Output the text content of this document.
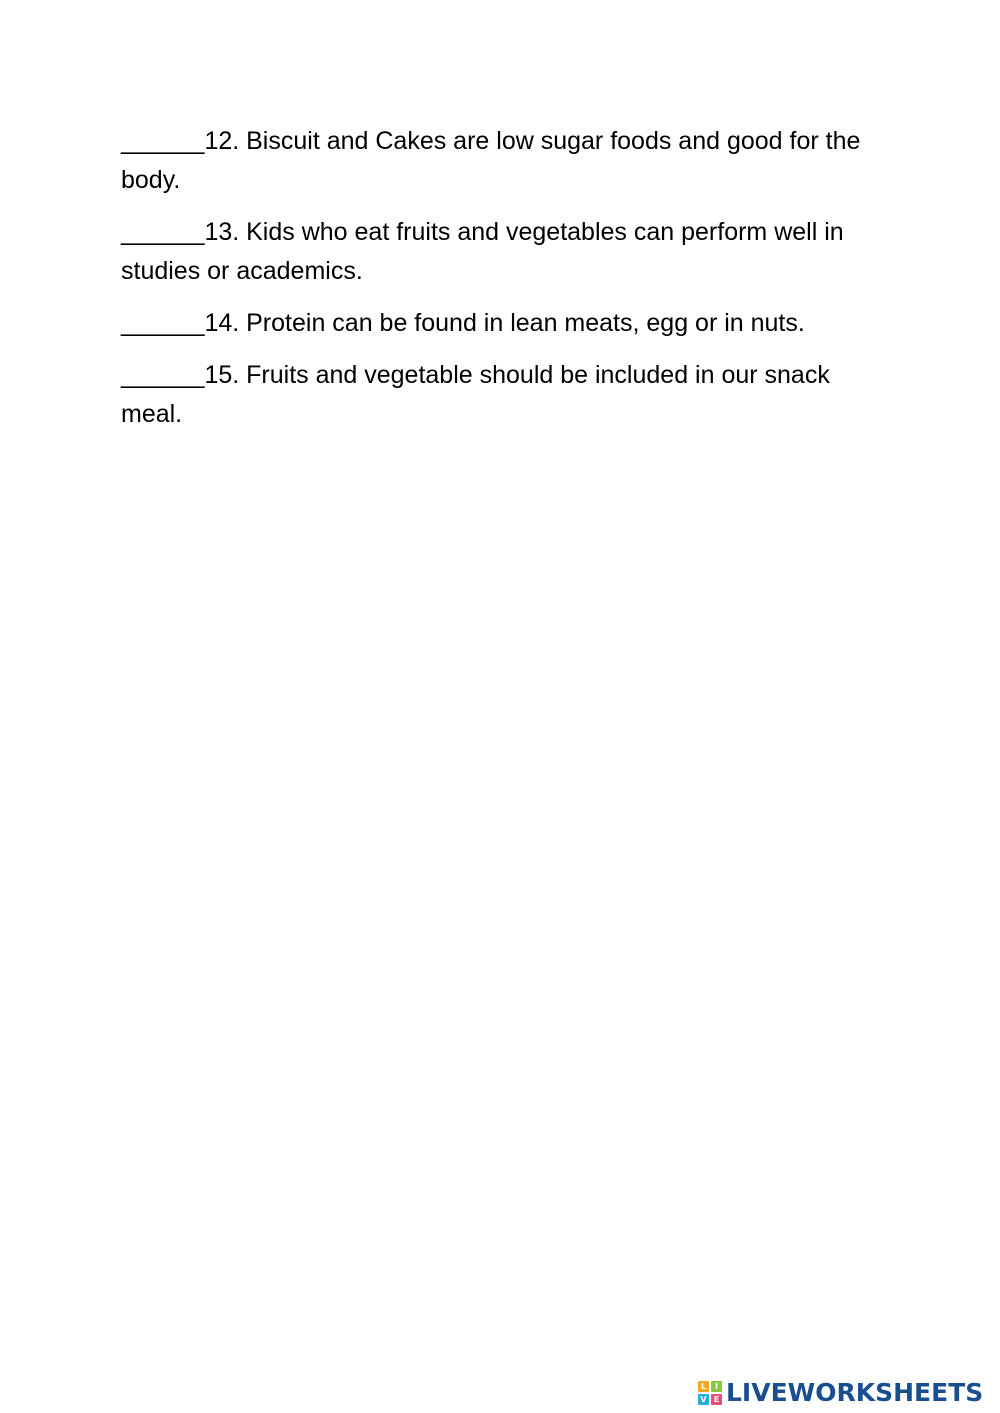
______12. Biscuit and Cakes are low sugar foods and good for the body.

______13. Kids who eat fruits and vegetables can perform well in studies or academics.

______14. Protein can be found in lean meats, egg or in nuts.

______15. Fruits and vegetable should be included in our snack meal.

L	I
V E LIVEWORKSHEETS
